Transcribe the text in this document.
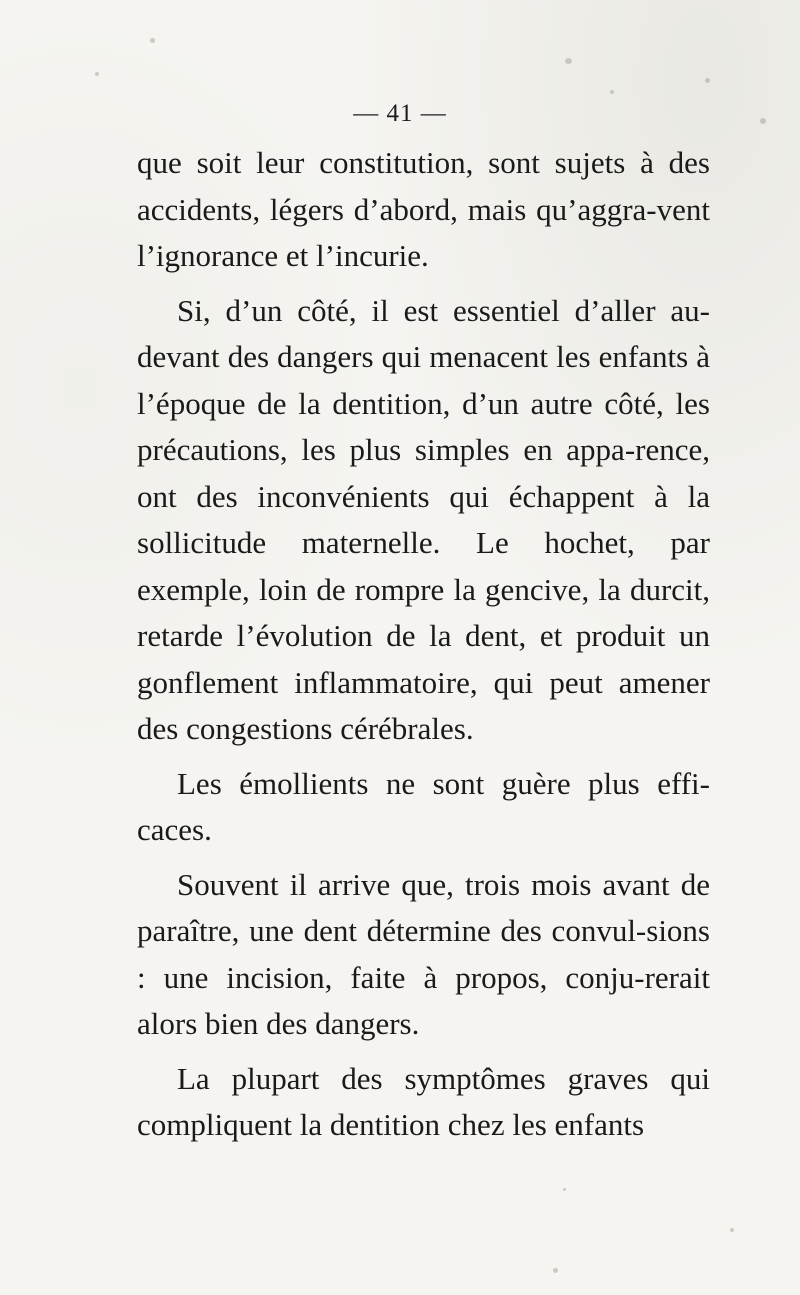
— 41 —

que soit leur constitution, sont sujets à des accidents, légers d’abord, mais qu’aggra-vent l’ignorance et l’incurie.

Si, d’un côté, il est essentiel d’aller au-devant des dangers qui menacent les enfants à l’époque de la dentition, d’un autre côté, les précautions, les plus simples en appa-rence, ont des inconvénients qui échappent à la sollicitude maternelle. Le hochet, par exemple, loin de rompre la gencive, la durcit, retarde l’évolution de la dent, et produit un gonflement inflammatoire, qui peut amener des congestions cérébrales.

Les émollients ne sont guère plus effi-caces.

Souvent il arrive que, trois mois avant de paraître, une dent détermine des convul-sions : une incision, faite à propos, conju-rerait alors bien des dangers.

La plupart des symptômes graves qui compliquent la dentition chez les enfants
